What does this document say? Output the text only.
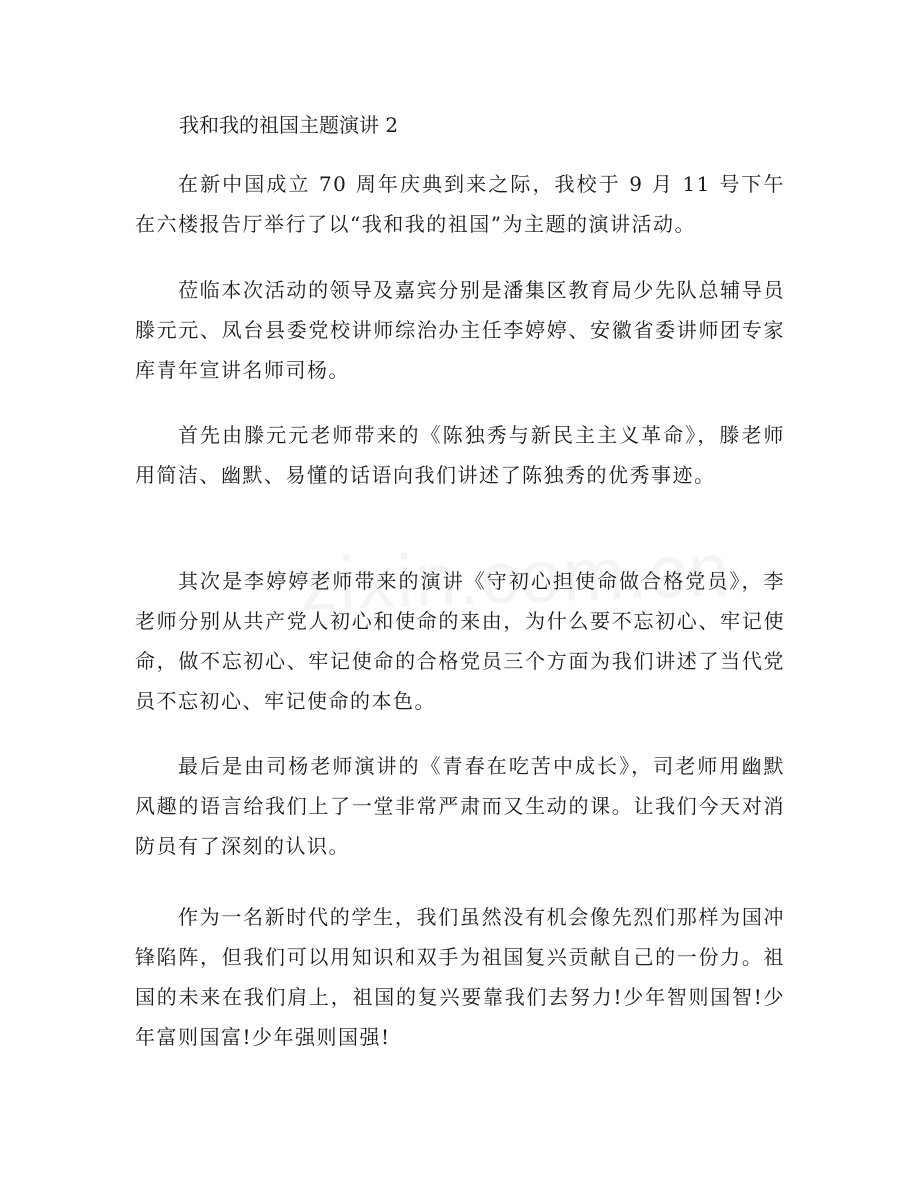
我和我的祖国主题演讲 2

在新中国成立 70 周年庆典到来之际，我校于 9 月 11 号下午在六楼报告厅举行了以“我和我的祖国”为主题的演讲活动。

莅临本次活动的领导及嘉宾分别是潘集区教育局少先队总辅导员滕元元、凤台县委党校讲师综治办主任李婷婷、安徽省委讲师团专家库青年宣讲名师司杨。

首先由滕元元老师带来的《陈独秀与新民主主义革命》，滕老师用简洁、幽默、易懂的话语向我们讲述了陈独秀的优秀事迹。

其次是李婷婷老师带来的演讲《守初心担使命做合格党员》，李老师分别从共产党人初心和使命的来由，为什么要不忘初心、牢记使命，做不忘初心、牢记使命的合格党员三个方面为我们讲述了当代党员不忘初心、牢记使命的本色。

最后是由司杨老师演讲的《青春在吃苦中成长》，司老师用幽默风趣的语言给我们上了一堂非常严肃而又生动的课。让我们今天对消防员有了深刻的认识。

作为一名新时代的学生，我们虽然没有机会像先烈们那样为国冲锋陷阵，但我们可以用知识和双手为祖国复兴贡献自己的一份力。祖国的未来在我们肩上，祖国的复兴要靠我们去努力!少年智则国智!少年富则国富!少年强则国强!
